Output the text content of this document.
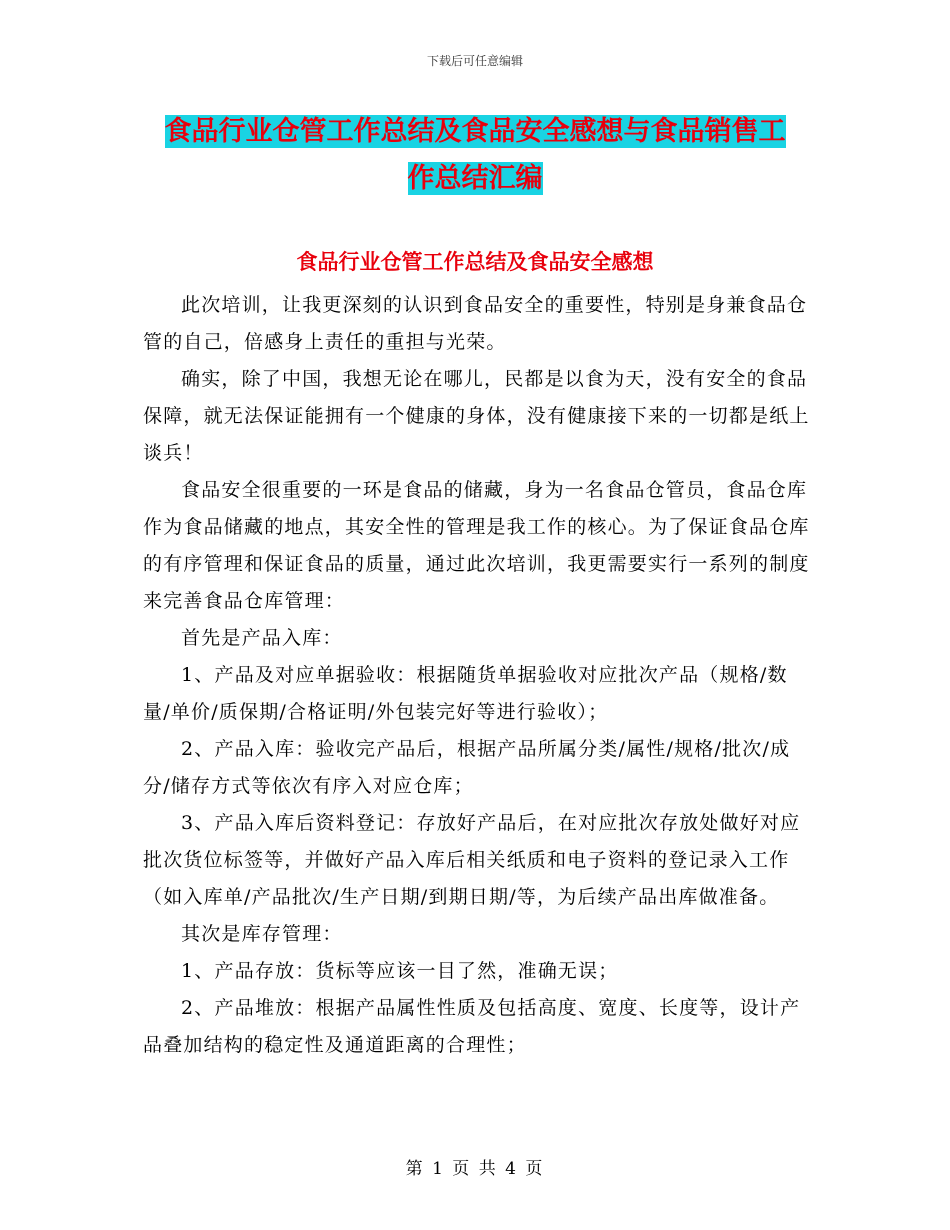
下载后可任意编辑
食品行业仓管工作总结及食品安全感想与食品销售工
作总结汇编
食品行业仓管工作总结及食品安全感想

此次培训，让我更深刻的认识到食品安全的重要性，特别是身兼食品仓管的自己，倍感身上责任的重担与光荣。

确实，除了中国，我想无论在哪儿，民都是以食为天，没有安全的食品保障，就无法保证能拥有一个健康的身体，没有健康接下来的一切都是纸上谈兵！

食品安全很重要的一环是食品的储藏，身为一名食品仓管员，食品仓库作为食品储藏的地点，其安全性的管理是我工作的核心。为了保证食品仓库的有序管理和保证食品的质量，通过此次培训，我更需要实行一系列的制度来完善食品仓库管理：

首先是产品入库：

1、产品及对应单据验收：根据随货单据验收对应批次产品（规格/数量/单价/质保期/合格证明/外包装完好等进行验收）；

2、产品入库：验收完产品后，根据产品所属分类/属性/规格/批次/成分/储存方式等依次有序入对应仓库；

3、产品入库后资料登记：存放好产品后，在对应批次存放处做好对应批次货位标签等，并做好产品入库后相关纸质和电子资料的登记录入工作（如入库单/产品批次/生产日期/到期日期/等，为后续产品出库做准备。

其次是库存管理：

1、产品存放：货标等应该一目了然，准确无误；

2、产品堆放：根据产品属性性质及包括高度、宽度、长度等，设计产品叠加结构的稳定性及通道距离的合理性；

第 1 页 共 4 页
